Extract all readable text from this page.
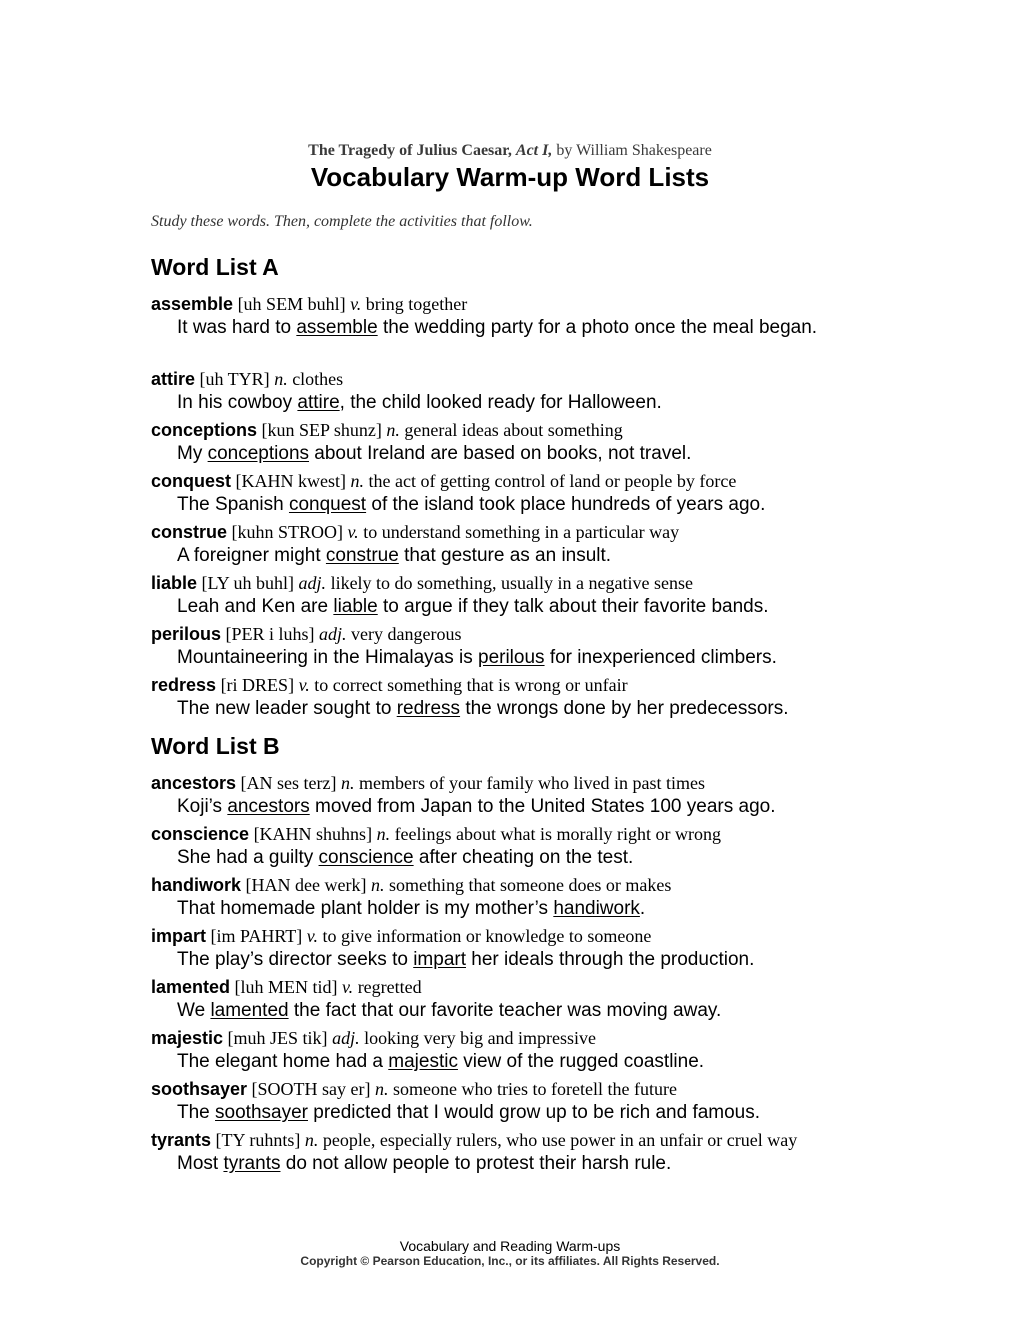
The Tragedy of Julius Caesar, Act I, by William Shakespeare
Vocabulary Warm-up Word Lists
Study these words. Then, complete the activities that follow.
Word List A
assemble [uh SEM buhl] v. bring together
It was hard to assemble the wedding party for a photo once the meal began.
attire [uh TYR] n. clothes
In his cowboy attire, the child looked ready for Halloween.
conceptions [kun SEP shunz] n. general ideas about something
My conceptions about Ireland are based on books, not travel.
conquest [KAHN kwest] n. the act of getting control of land or people by force
The Spanish conquest of the island took place hundreds of years ago.
construe [kuhn STROO] v. to understand something in a particular way
A foreigner might construe that gesture as an insult.
liable [LY uh buhl] adj. likely to do something, usually in a negative sense
Leah and Ken are liable to argue if they talk about their favorite bands.
perilous [PER i luhs] adj. very dangerous
Mountaineering in the Himalayas is perilous for inexperienced climbers.
redress [ri DRES] v. to correct something that is wrong or unfair
The new leader sought to redress the wrongs done by her predecessors.
Word List B
ancestors [AN ses terz] n. members of your family who lived in past times
Koji’s ancestors moved from Japan to the United States 100 years ago.
conscience [KAHN shuhns] n. feelings about what is morally right or wrong
She had a guilty conscience after cheating on the test.
handiwork [HAN dee werk] n. something that someone does or makes
That homemade plant holder is my mother’s handiwork.
impart [im PAHRT] v. to give information or knowledge to someone
The play’s director seeks to impart her ideals through the production.
lamented [luh MEN tid] v. regretted
We lamented the fact that our favorite teacher was moving away.
majestic [muh JES tik] adj. looking very big and impressive
The elegant home had a majestic view of the rugged coastline.
soothsayer [SOOTH say er] n. someone who tries to foretell the future
The soothsayer predicted that I would grow up to be rich and famous.
tyrants [TY ruhnts] n. people, especially rulers, who use power in an unfair or cruel way
Most tyrants do not allow people to protest their harsh rule.
Vocabulary and Reading Warm-ups
Copyright © Pearson Education, Inc., or its affiliates. All Rights Reserved.
